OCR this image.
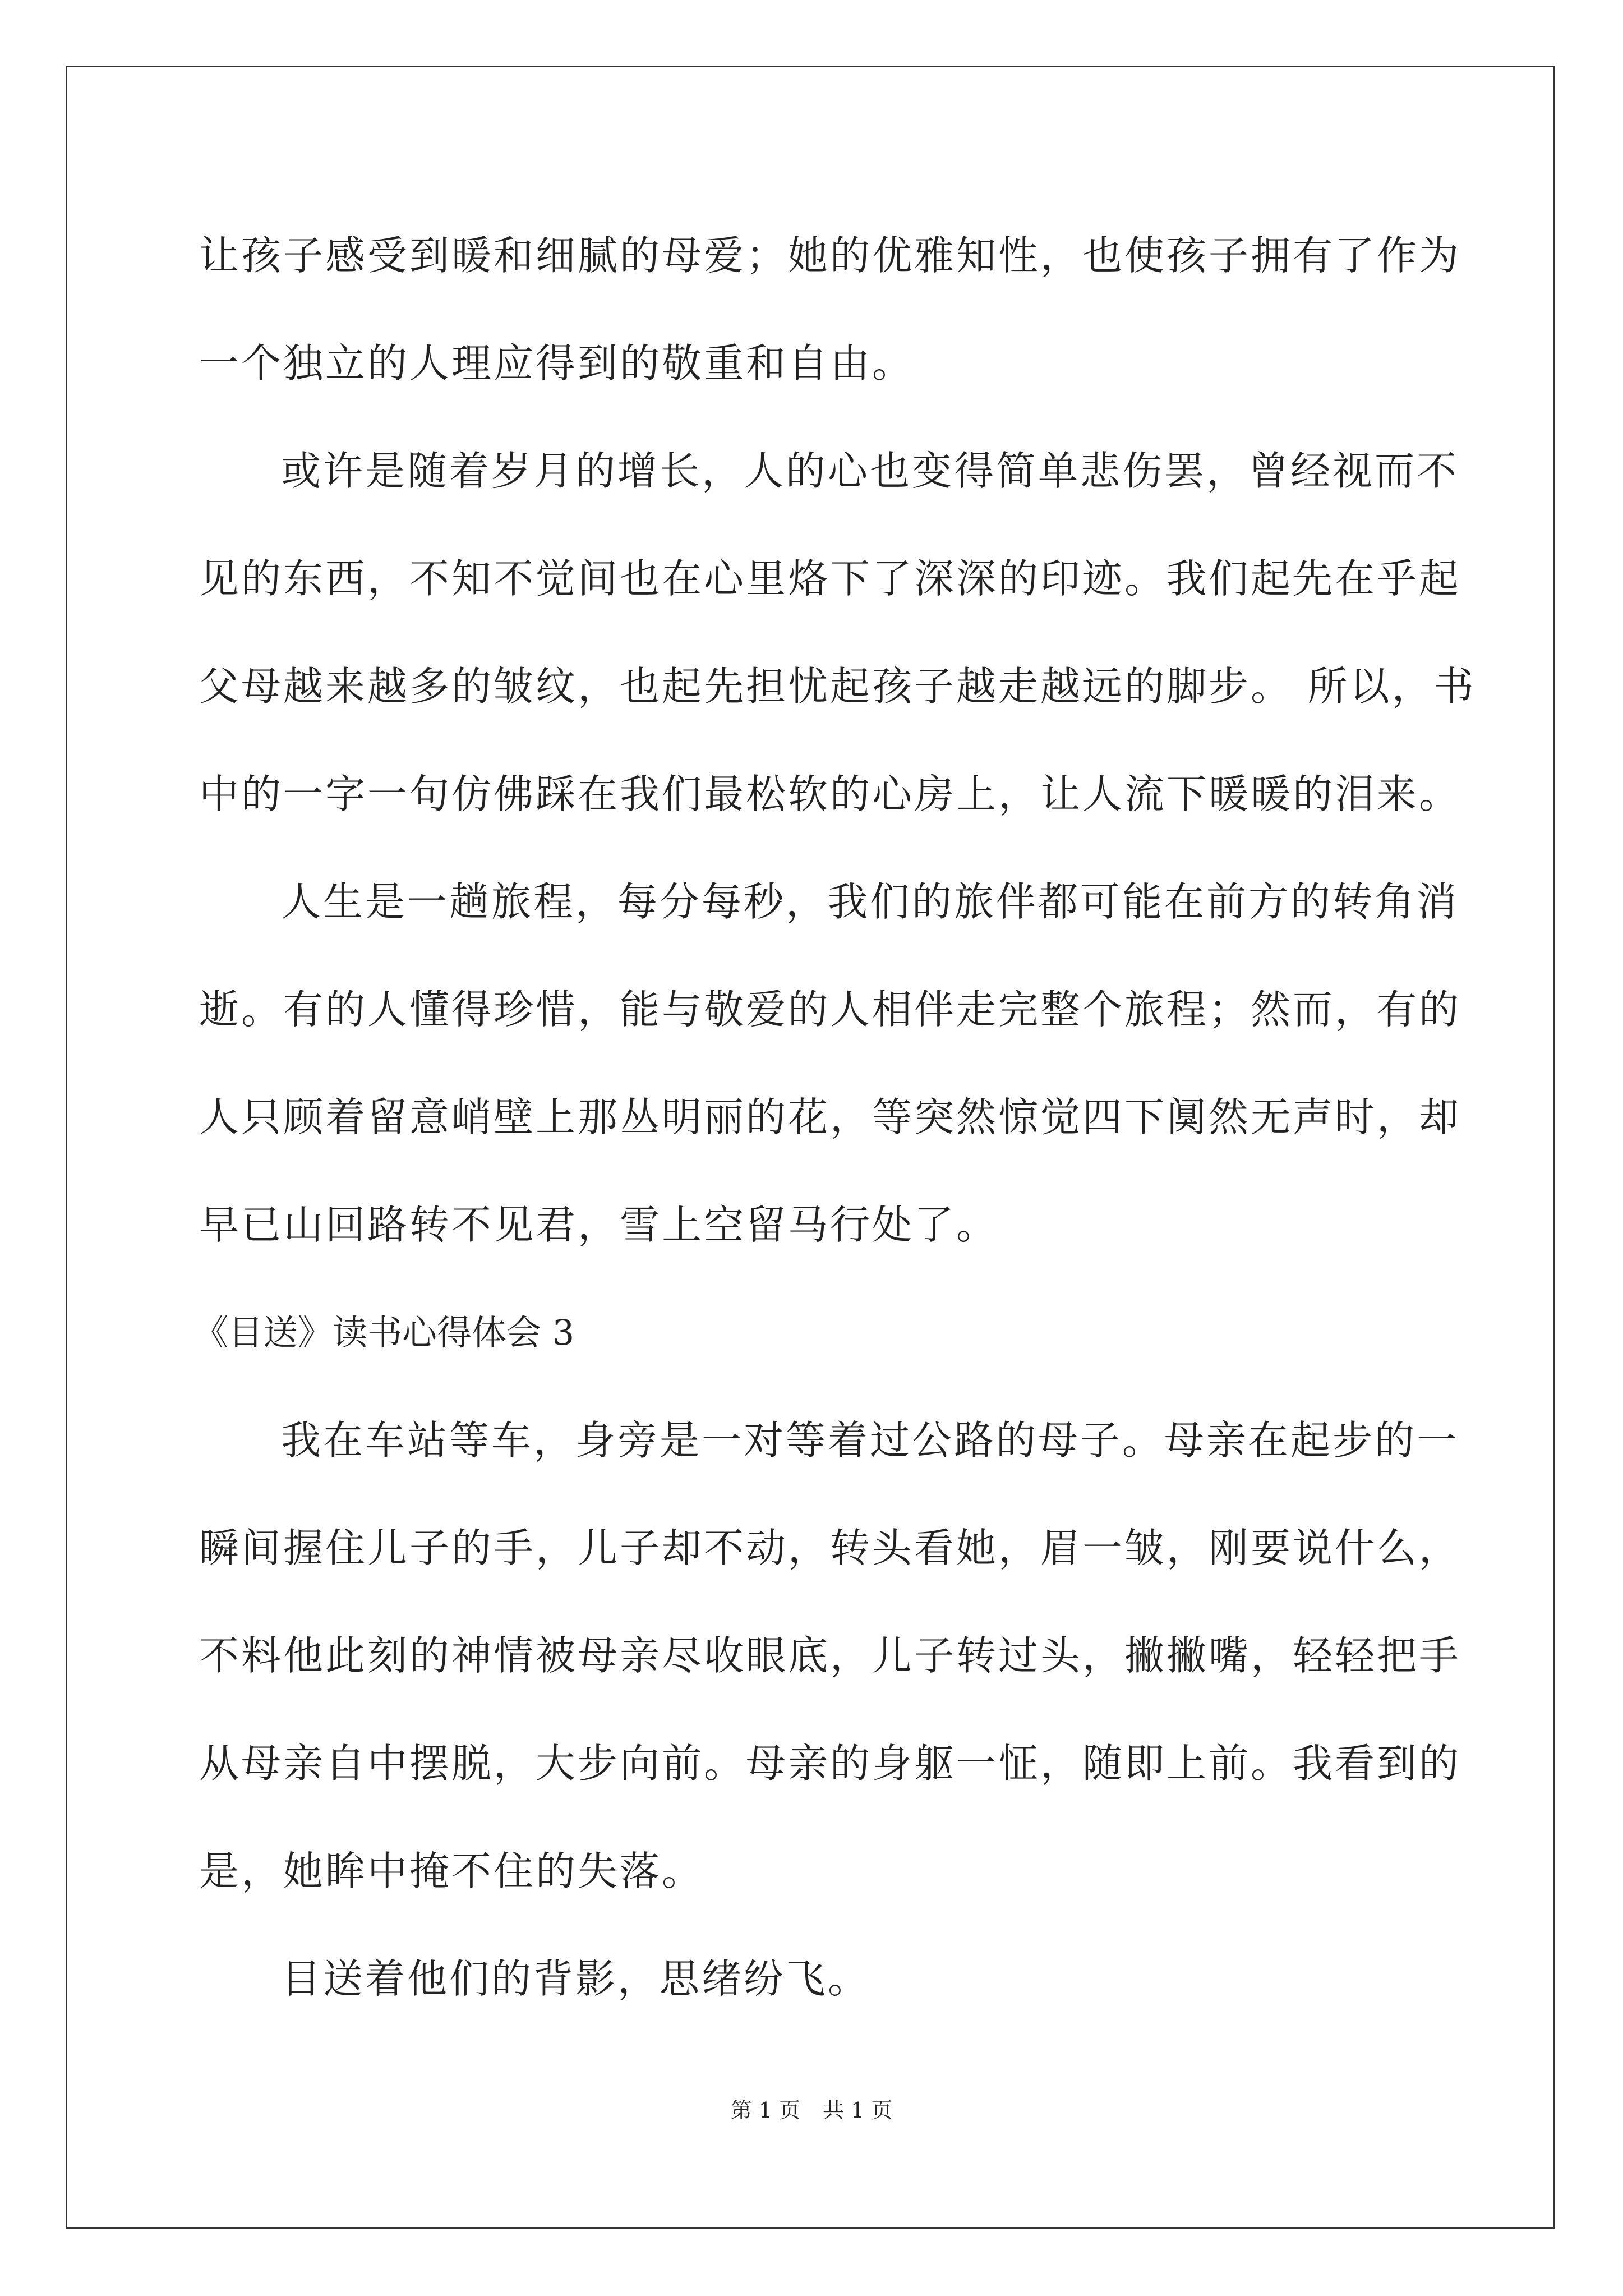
让孩子感受到暖和细腻的母爱；她的优雅知性，也使孩子拥有了作为
一个独立的人理应得到的敬重和自由。
或许是随着岁月的增长，人的心也变得简单悲伤罢，曾经视而不
见的东西，不知不觉间也在心里烙下了深深的印迹。我们起先在乎起
父母越来越多的皱纹，也起先担忧起孩子越走越远的脚步。 所以，书
中的一字一句仿佛踩在我们最松软的心房上，让人流下暖暖的泪来。
人生是一趟旅程，每分每秒，我们的旅伴都可能在前方的转角消
逝。有的人懂得珍惜，能与敬爱的人相伴走完整个旅程；然而，有的
人只顾着留意峭壁上那丛明丽的花，等突然惊觉四下阒然无声时，却
早已山回路转不见君，雪上空留马行处了。
《目送》读书心得体会 3
我在车站等车，身旁是一对等着过公路的母子。母亲在起步的一
瞬间握住儿子的手，儿子却不动，转头看她，眉一皱，刚要说什么，
不料他此刻的神情被母亲尽收眼底，儿子转过头，撇撇嘴，轻轻把手
从母亲自中摆脱，大步向前。母亲的身躯一怔，随即上前。我看到的
是，她眸中掩不住的失落。
目送着他们的背影，思绪纷飞。
第 1 页 共 1 页
